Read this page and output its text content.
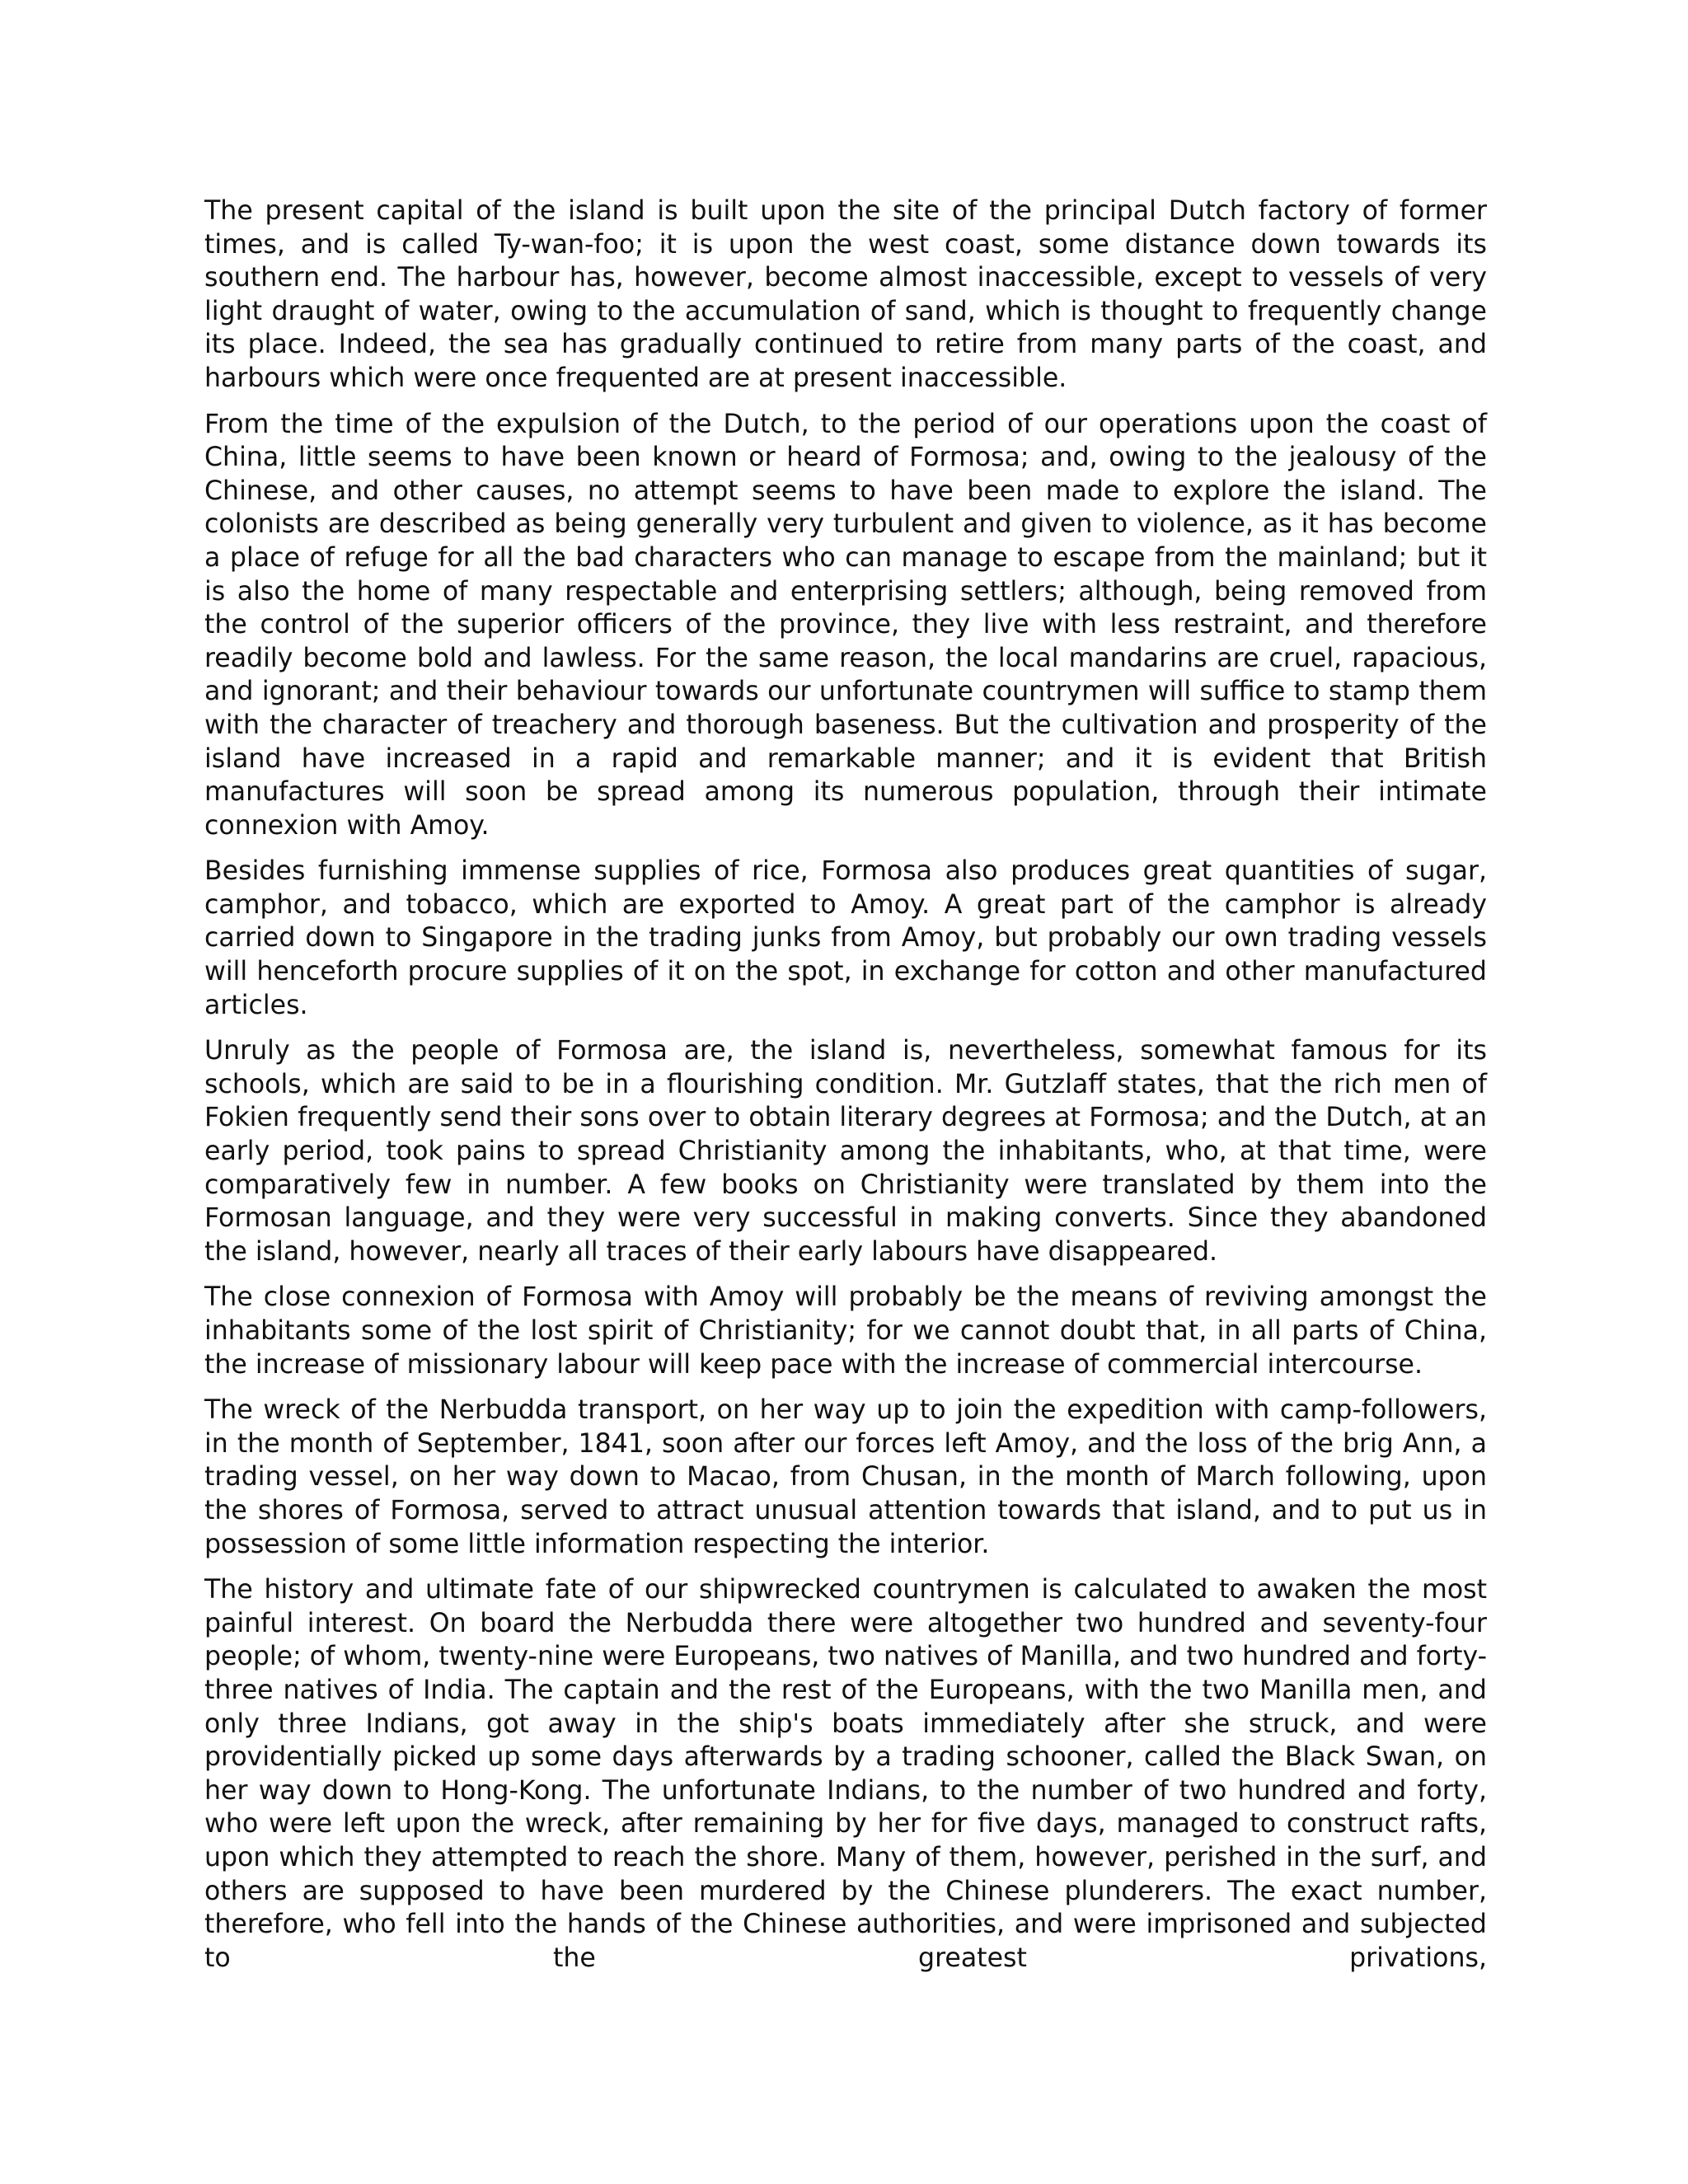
The present capital of the island is built upon the site of the principal Dutch factory of former times, and is called Ty-wan-foo; it is upon the west coast, some distance down towards its southern end. The harbour has, however, become almost inaccessible, except to vessels of very light draught of water, owing to the accumulation of sand, which is thought to frequently change its place. Indeed, the sea has gradually continued to retire from many parts of the coast, and harbours which were once frequented are at present inaccessible.

From the time of the expulsion of the Dutch, to the period of our operations upon the coast of China, little seems to have been known or heard of Formosa; and, owing to the jealousy of the Chinese, and other causes, no attempt seems to have been made to explore the island. The colonists are described as being generally very turbulent and given to violence, as it has become a place of refuge for all the bad characters who can manage to escape from the mainland; but it is also the home of many respectable and enterprising settlers; although, being removed from the control of the superior officers of the province, they live with less restraint, and therefore readily become bold and lawless. For the same reason, the local mandarins are cruel, rapacious, and ignorant; and their behaviour towards our unfortunate countrymen will suffice to stamp them with the character of treachery and thorough baseness. But the cultivation and prosperity of the island have increased in a rapid and remarkable manner; and it is evident that British manufactures will soon be spread among its numerous population, through their intimate connexion with Amoy.

Besides furnishing immense supplies of rice, Formosa also produces great quantities of sugar, camphor, and tobacco, which are exported to Amoy. A great part of the camphor is already carried down to Singapore in the trading junks from Amoy, but probably our own trading vessels will henceforth procure supplies of it on the spot, in exchange for cotton and other manufactured articles.

Unruly as the people of Formosa are, the island is, nevertheless, somewhat famous for its schools, which are said to be in a flourishing condition. Mr. Gutzlaff states, that the rich men of Fokien frequently send their sons over to obtain literary degrees at Formosa; and the Dutch, at an early period, took pains to spread Christianity among the inhabitants, who, at that time, were comparatively few in number. A few books on Christianity were translated by them into the Formosan language, and they were very successful in making converts. Since they abandoned the island, however, nearly all traces of their early labours have disappeared.

The close connexion of Formosa with Amoy will probably be the means of reviving amongst the inhabitants some of the lost spirit of Christianity; for we cannot doubt that, in all parts of China, the increase of missionary labour will keep pace with the increase of commercial intercourse.

The wreck of the Nerbudda transport, on her way up to join the expedition with camp-followers, in the month of September, 1841, soon after our forces left Amoy, and the loss of the brig Ann, a trading vessel, on her way down to Macao, from Chusan, in the month of March following, upon the shores of Formosa, served to attract unusual attention towards that island, and to put us in possession of some little information respecting the interior.

The history and ultimate fate of our shipwrecked countrymen is calculated to awaken the most painful interest. On board the Nerbudda there were altogether two hundred and seventy-four people; of whom, twenty-nine were Europeans, two natives of Manilla, and two hundred and forty-three natives of India. The captain and the rest of the Europeans, with the two Manilla men, and only three Indians, got away in the ship's boats immediately after she struck, and were providentially picked up some days afterwards by a trading schooner, called the Black Swan, on her way down to Hong-Kong. The unfortunate Indians, to the number of two hundred and forty, who were left upon the wreck, after remaining by her for five days, managed to construct rafts, upon which they attempted to reach the shore. Many of them, however, perished in the surf, and others are supposed to have been murdered by the Chinese plunderers. The exact number, therefore, who fell into the hands of the Chinese authorities, and were imprisoned and subjected to the greatest privations,
